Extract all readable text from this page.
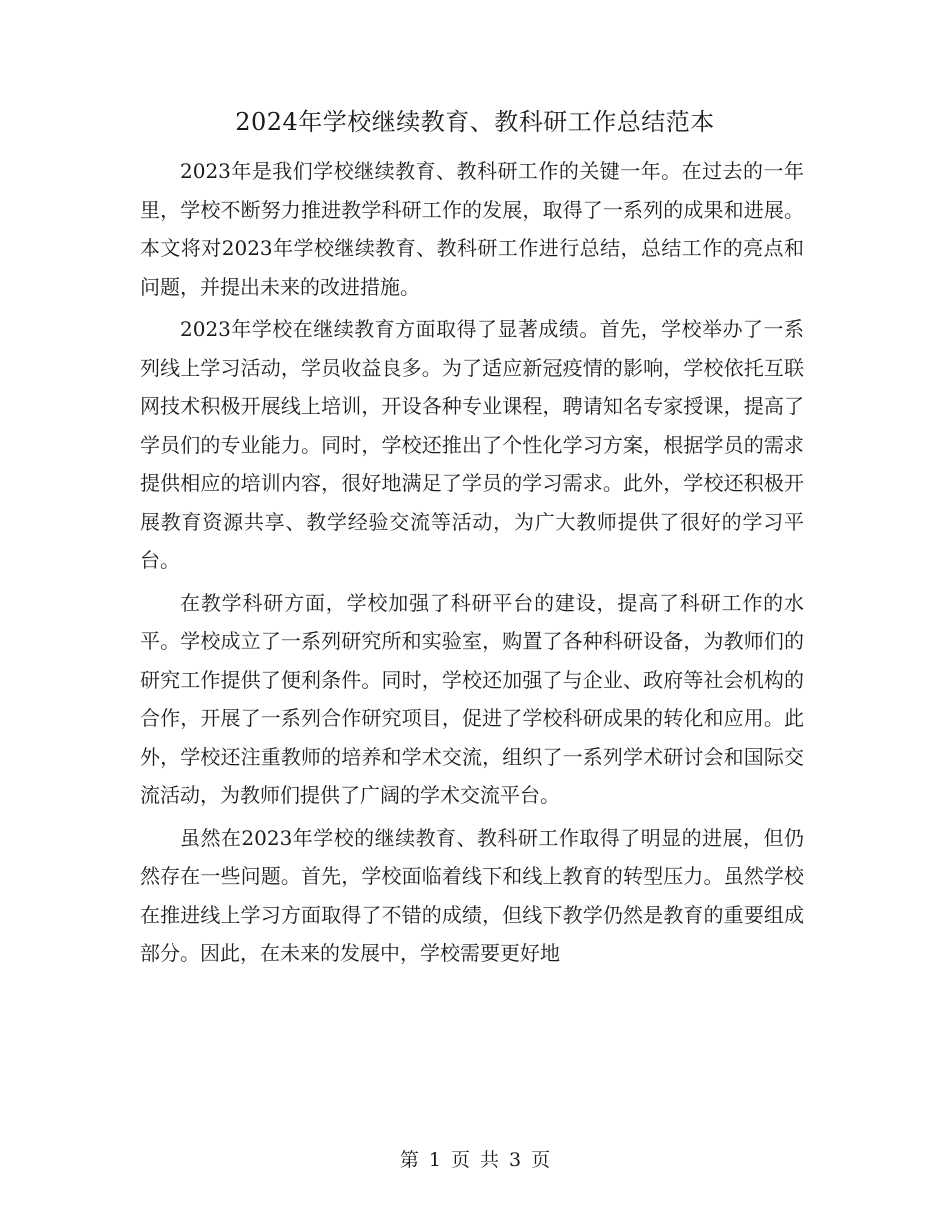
2024年学校继续教育、教科研工作总结范本

2023年是我们学校继续教育、教科研工作的关键一年。在过去的一年里，学校不断努力推进教学科研工作的发展，取得了一系列的成果和进展。本文将对2023年学校继续教育、教科研工作进行总结，总结工作的亮点和问题，并提出未来的改进措施。

2023年学校在继续教育方面取得了显著成绩。首先，学校举办了一系列线上学习活动，学员收益良多。为了适应新冠疫情的影响，学校依托互联网技术积极开展线上培训，开设各种专业课程，聘请知名专家授课，提高了学员们的专业能力。同时，学校还推出了个性化学习方案，根据学员的需求提供相应的培训内容，很好地满足了学员的学习需求。此外，学校还积极开展教育资源共享、教学经验交流等活动，为广大教师提供了很好的学习平台。

在教学科研方面，学校加强了科研平台的建设，提高了科研工作的水平。学校成立了一系列研究所和实验室，购置了各种科研设备，为教师们的研究工作提供了便利条件。同时，学校还加强了与企业、政府等社会机构的合作，开展了一系列合作研究项目，促进了学校科研成果的转化和应用。此外，学校还注重教师的培养和学术交流，组织了一系列学术研讨会和国际交流活动，为教师们提供了广阔的学术交流平台。

虽然在2023年学校的继续教育、教科研工作取得了明显的进展，但仍然存在一些问题。首先，学校面临着线下和线上教育的转型压力。虽然学校在推进线上学习方面取得了不错的成绩，但线下教学仍然是教育的重要组成部分。因此，在未来的发展中，学校需要更好地

第 1 页 共 3 页
